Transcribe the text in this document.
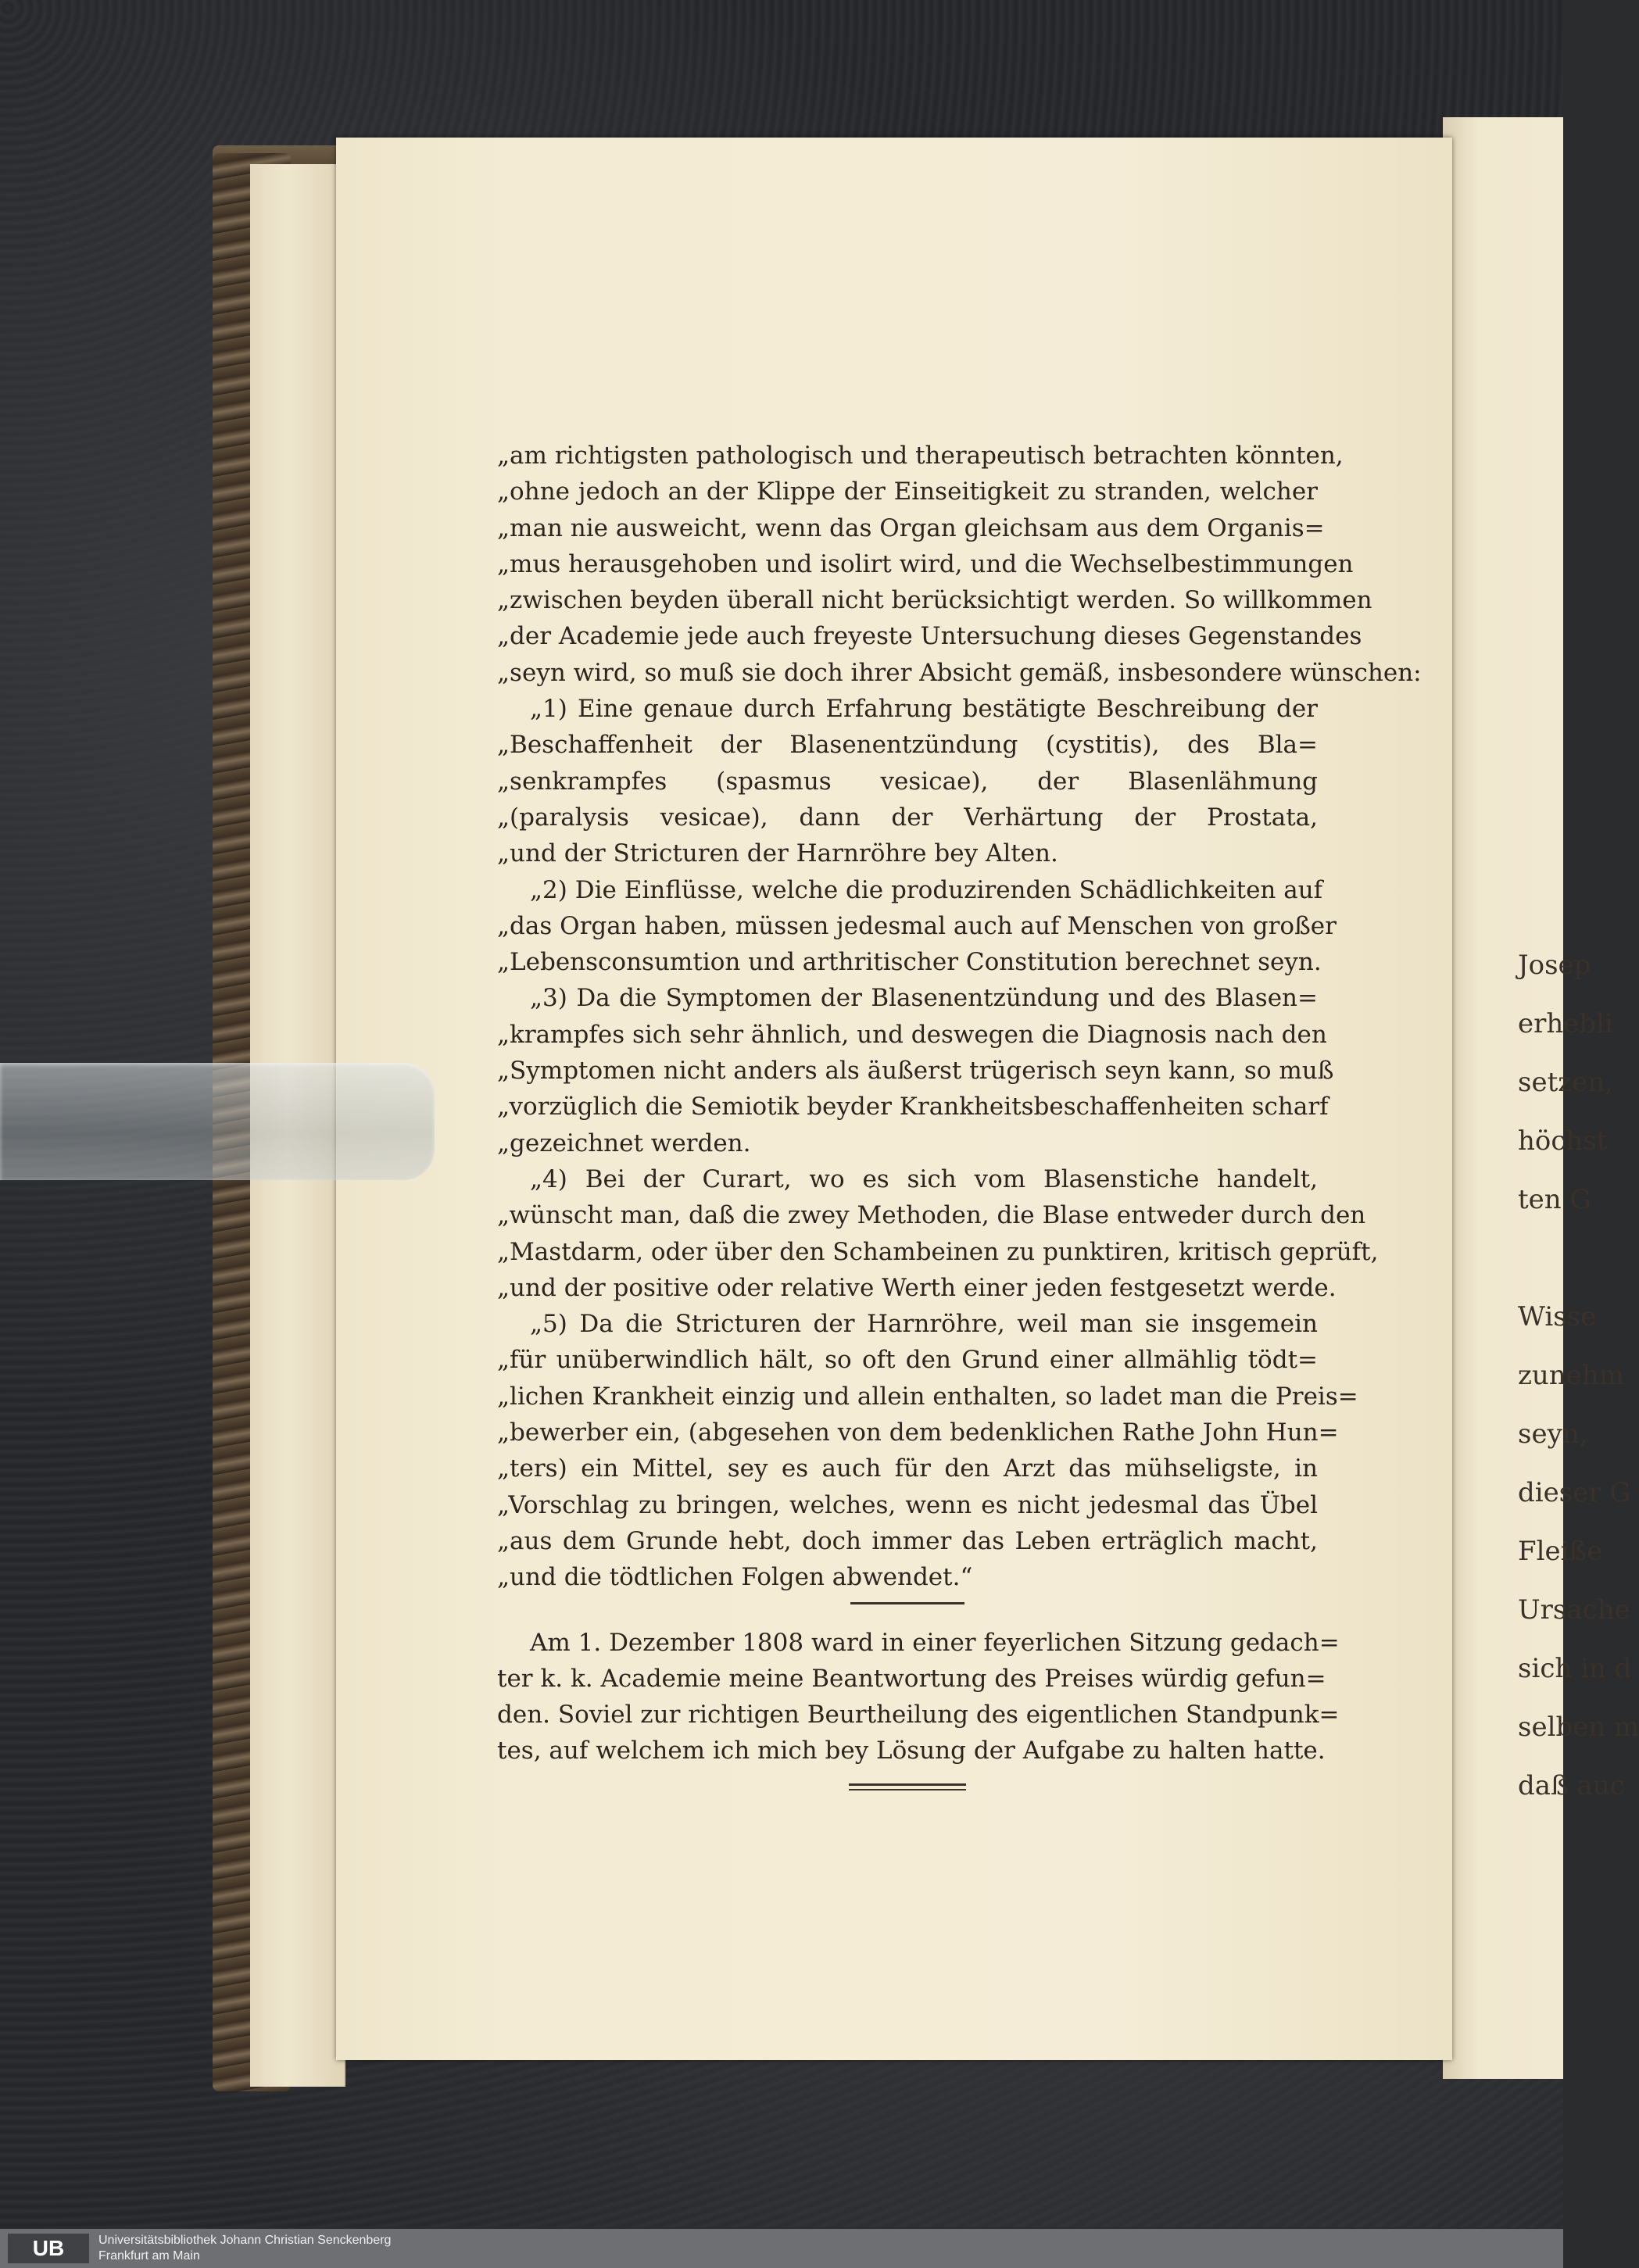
Josep
erhebli
setzen,
höchst
ten G
Wisse
zunehm
seyn,
dieser G
Fleiße
Ursache
sich in d
selben m
daß auc
„am richtigsten pathologisch und therapeutisch betrachten könnten,
„ohne jedoch an der Klippe der Einseitigkeit zu stranden, welcher
„man nie ausweicht, wenn das Organ gleichsam aus dem Organis=
„mus herausgehoben und isolirt wird, und die Wechselbestimmungen
„zwischen beyden überall nicht berücksichtigt werden. So willkommen
„der Academie jede auch freyeste Untersuchung dieses Gegenstandes
„seyn wird, so muß sie doch ihrer Absicht gemäß, insbesondere wünschen:
„1) Eine genaue durch Erfahrung bestätigte Beschreibung der
„Beschaffenheit der Blasenentzündung (cystitis), des Bla=
„senkrampfes (spasmus vesicae), der Blasenlähmung
„(paralysis vesicae), dann der Verhärtung der Prostata,
„und der Stricturen der Harnröhre bey Alten.
„2) Die Einflüsse, welche die produzirenden Schädlichkeiten auf
„das Organ haben, müssen jedesmal auch auf Menschen von großer
„Lebensconsumtion und arthritischer Constitution berechnet seyn.
„3) Da die Symptomen der Blasenentzündung und des Blasen=
„krampfes sich sehr ähnlich, und deswegen die Diagnosis nach den
„Symptomen nicht anders als äußerst trügerisch seyn kann, so muß
„vorzüglich die Semiotik beyder Krankheitsbeschaffenheiten scharf
„gezeichnet werden.
„4) Bei der Curart, wo es sich vom Blasenstiche handelt,
„wünscht man, daß die zwey Methoden, die Blase entweder durch den
„Mastdarm, oder über den Schambeinen zu punktiren, kritisch geprüft,
„und der positive oder relative Werth einer jeden festgesetzt werde.
„5) Da die Stricturen der Harnröhre, weil man sie insgemein
„für unüberwindlich hält, so oft den Grund einer allmählig tödt=
„lichen Krankheit einzig und allein enthalten, so ladet man die Preis=
„bewerber ein, (abgesehen von dem bedenklichen Rathe John Hun=
„ters) ein Mittel, sey es auch für den Arzt das mühseligste, in
„Vorschlag zu bringen, welches, wenn es nicht jedesmal das Übel
„aus dem Grunde hebt, doch immer das Leben erträglich macht,
„und die tödtlichen Folgen abwendet.“
Am 1. Dezember 1808 ward in einer feyerlichen Sitzung gedach=
ter k. k. Academie meine Beantwortung des Preises würdig gefun=
den. Soviel zur richtigen Beurtheilung des eigentlichen Standpunk=
tes, auf welchem ich mich bey Lösung der Aufgabe zu halten hatte.
UB	Universitätsbibliothek Johann Christian Senckenberg
Frankfurt am Main
